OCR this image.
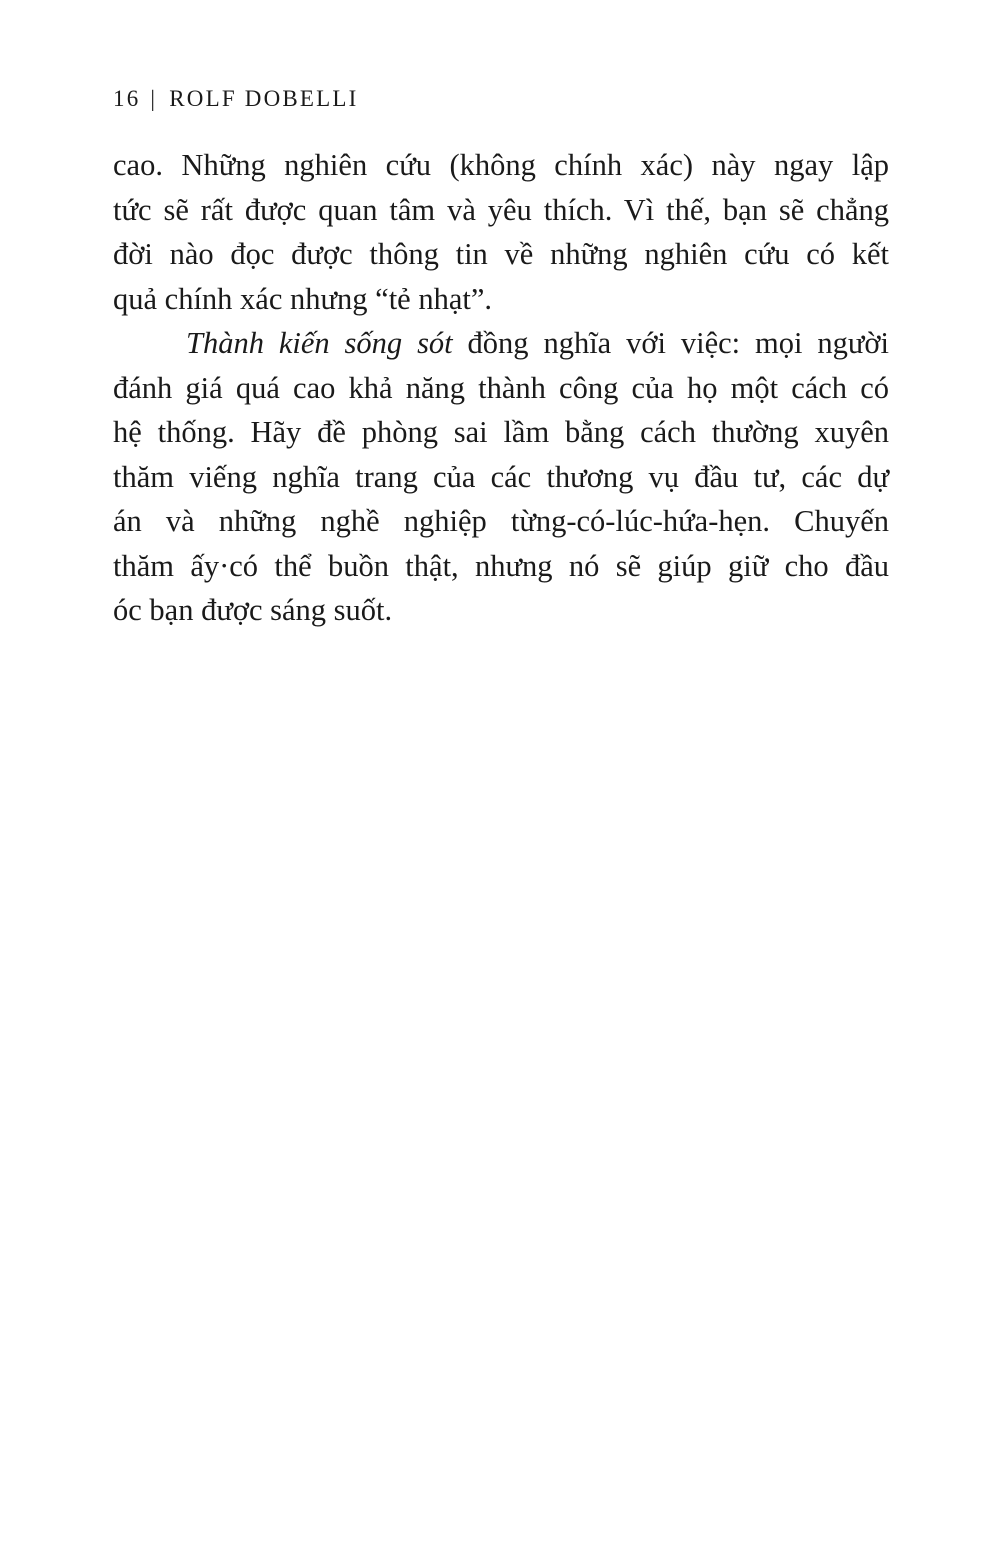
16 | ROLF DOBELLI
cao. Những nghiên cứu (không chính xác) này ngay lập
tức sẽ rất được quan tâm và yêu thích. Vì thế, bạn sẽ chẳng
đời nào đọc được thông tin về những nghiên cứu có kết
quả chính xác nhưng “tẻ nhạt”.
Thành kiến sống sót đồng nghĩa với việc: mọi người
đánh giá quá cao khả năng thành công của họ một cách có
hệ thống. Hãy đề phòng sai lầm bằng cách thường xuyên
thăm viếng nghĩa trang của các thương vụ đầu tư, các dự
án và những nghề nghiệp từng-có-lúc-hứa-hẹn. Chuyến
thăm ấy·có thể buồn thật, nhưng nó sẽ giúp giữ cho đầu
óc bạn được sáng suốt.
